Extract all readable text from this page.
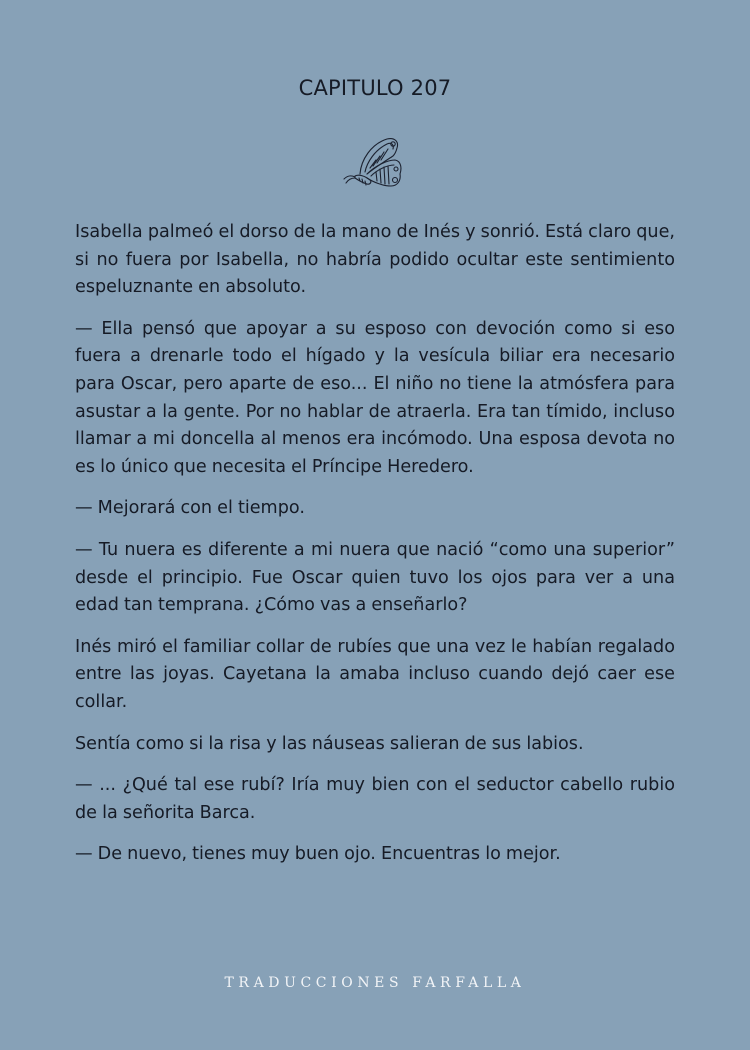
CAPITULO 207

Isabella palmeó el dorso de la mano de Inés y sonrió. Está claro que, si no fuera por Isabella, no habría podido ocultar este sentimiento espeluznante en absoluto.

— Ella pensó que apoyar a su esposo con devoción como si eso fuera a drenarle todo el hígado y la vesícula biliar era necesario para Oscar, pero aparte de eso... El niño no tiene la atmósfera para asustar a la gente. Por no hablar de atraerla. Era tan tímido, incluso llamar a mi doncella al menos era incómodo. Una esposa devota no es lo único que necesita el Príncipe Heredero.

— Mejorará con el tiempo.

— Tu nuera es diferente a mi nuera que nació “como una superior” desde el principio. Fue Oscar quien tuvo los ojos para ver a una edad tan temprana. ¿Cómo vas a enseñarlo?

Inés miró el familiar collar de rubíes que una vez le habían regalado entre las joyas. Cayetana la amaba incluso cuando dejó caer ese collar.

Sentía como si la risa y las náuseas salieran de sus labios.

— ... ¿Qué tal ese rubí? Iría muy bien con el seductor cabello rubio de la señorita Barca.

— De nuevo, tienes muy buen ojo. Encuentras lo mejor.

TRADUCCIONES FARFALLA
